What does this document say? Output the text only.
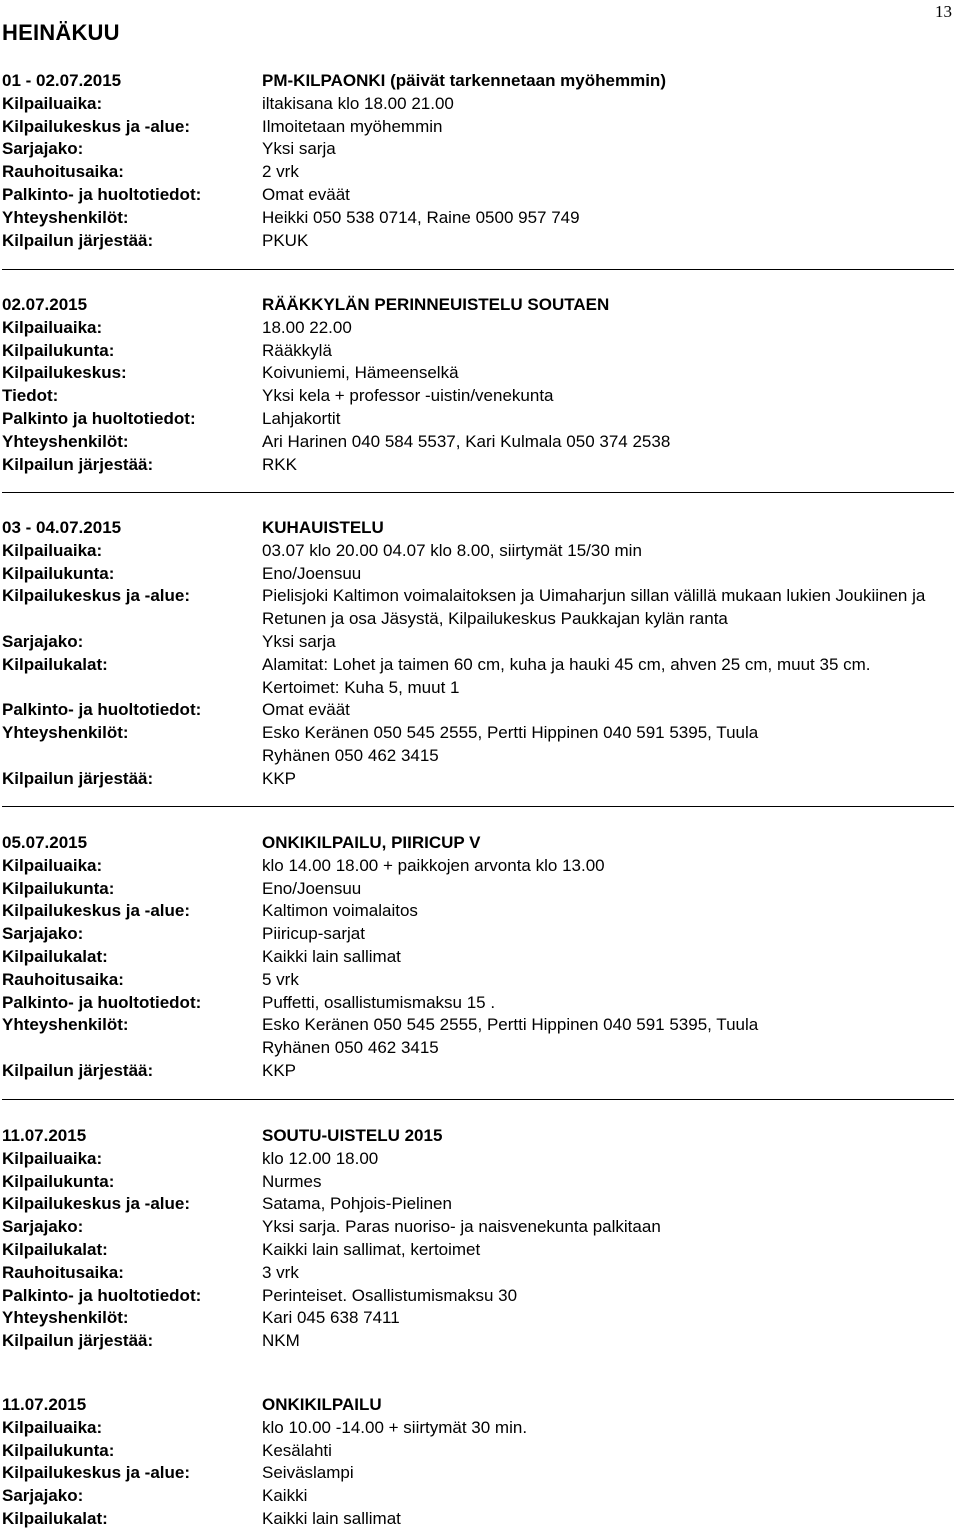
13
HEINÄKUU
01 - 02.07.2015	PM-KILPAONKI (päivät tarkennetaan myöhemmin)
Kilpailuaika:	iltakisana klo 18.00 21.00
Kilpailukeskus ja -alue:	Ilmoitetaan myöhemmin
Sarjajako:	Yksi sarja
Rauhoitusaika:	2 vrk
Palkinto- ja huoltotiedot:	Omat eväät
Yhteyshenkilöt:	Heikki 050 538 0714, Raine 0500 957 749
Kilpailun järjestää:	PKUK
02.07.2015	RÄÄKKYLÄN PERINNEUISTELU SOUTAEN
Kilpailuaika:	18.00 22.00
Kilpailukunta:	Rääkkylä
Kilpailukeskus:	Koivuniemi, Hämeenselkä
Tiedot:	Yksi kela + professor -uistin/venekunta
Palkinto ja huoltotiedot:	Lahjakortit
Yhteyshenkilöt:	Ari Harinen 040 584 5537, Kari Kulmala 050 374 2538
Kilpailun järjestää:	RKK
03 - 04.07.2015	KUHAUISTELU
Kilpailuaika:	03.07 klo 20.00 04.07 klo 8.00, siirtymät 15/30 min
Kilpailukunta:	Eno/Joensuu
Kilpailukeskus ja -alue:	Pielisjoki Kaltimon voimalaitoksen ja Uimaharjun sillan välillä mukaan lukien Joukiinen ja Retunen ja osa Jäsystä, Kilpailukeskus Paukkajan kylän ranta
Sarjajako:	Yksi sarja
Kilpailukalat:	Alamitat: Lohet ja taimen 60 cm, kuha ja hauki 45 cm, ahven 25 cm, muut 35 cm. Kertoimet: Kuha 5, muut 1
Palkinto- ja huoltotiedot:	Omat eväät
Yhteyshenkilöt:	Esko Keränen 050 545 2555, Pertti Hippinen 040 591 5395, Tuula Ryhänen 050 462 3415
Kilpailun järjestää:	KKP
05.07.2015	ONKIKILPAILU, PIIRICUP V
Kilpailuaika:	klo 14.00 18.00 + paikkojen arvonta klo 13.00
Kilpailukunta:	Eno/Joensuu
Kilpailukeskus ja -alue:	Kaltimon voimalaitos
Sarjajako:	Piiricup-sarjat
Kilpailukalat:	Kaikki lain sallimat
Rauhoitusaika:	5 vrk
Palkinto- ja huoltotiedot:	Puffetti, osallistumismaksu 15 .
Yhteyshenkilöt:	Esko Keränen 050 545 2555, Pertti Hippinen 040 591 5395, Tuula Ryhänen 050 462 3415
Kilpailun järjestää:	KKP
11.07.2015	SOUTU-UISTELU 2015
Kilpailuaika:	klo 12.00 18.00
Kilpailukunta:	Nurmes
Kilpailukeskus ja -alue:	Satama, Pohjois-Pielinen
Sarjajako:	Yksi sarja. Paras nuoriso- ja naisvenekunta palkitaan
Kilpailukalat:	Kaikki lain sallimat, kertoimet
Rauhoitusaika:	3 vrk
Palkinto- ja huoltotiedot:	Perinteiset. Osallistumismaksu 30
Yhteyshenkilöt:	Kari 045 638 7411
Kilpailun järjestää:	NKM
11.07.2015	ONKIKILPAILU
Kilpailuaika:	klo 10.00 -14.00 + siirtymät 30 min.
Kilpailukunta:	Kesälahti
Kilpailukeskus ja -alue:	Seiväslampi
Sarjajako:	Kaikki
Kilpailukalat:	Kaikki lain sallimat
